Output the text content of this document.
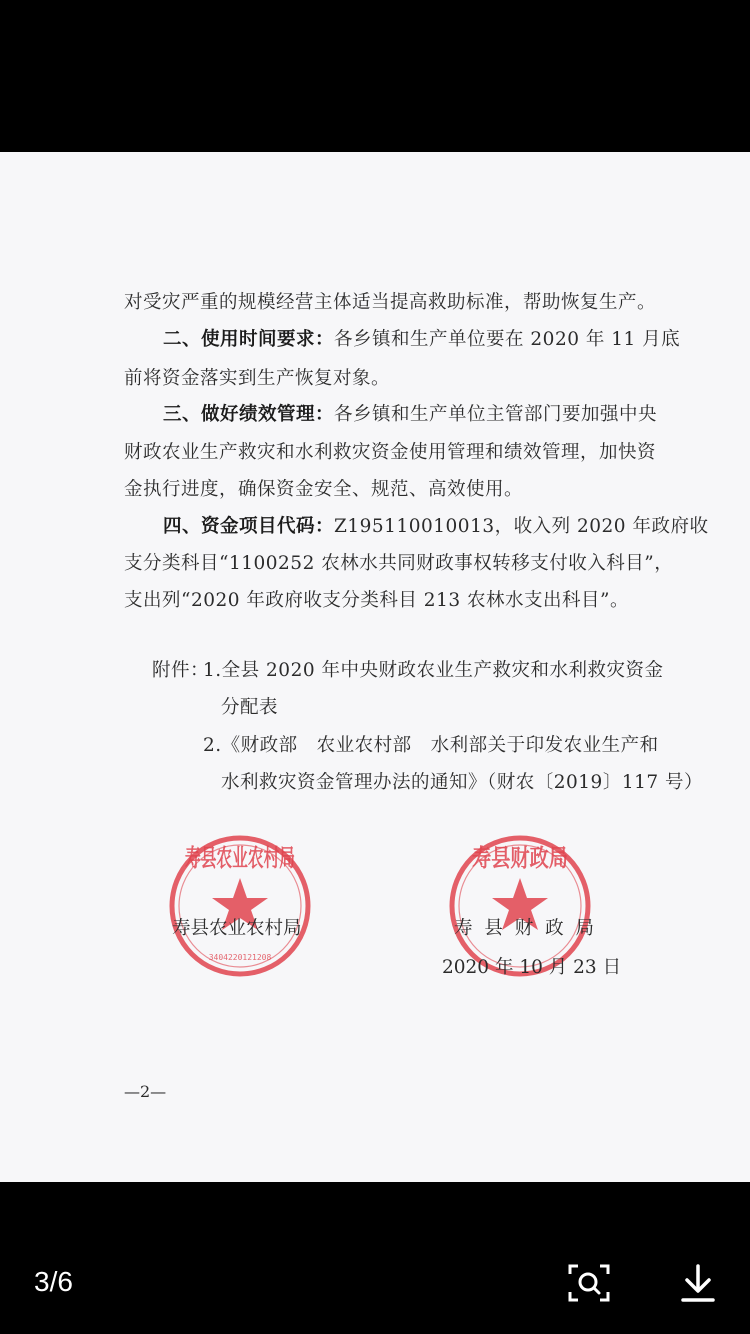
寿县农业农村局
3404220121208
寿县财政局

对受灾严重的规模经营主体适当提高救助标准，帮助恢复生产。

二、使用时间要求：各乡镇和生产单位要在 2020 年 11 月底

前将资金落实到生产恢复对象。

三、做好绩效管理：各乡镇和生产单位主管部门要加强中央

财政农业生产救灾和水利救灾资金使用管理和绩效管理，加快资

金执行进度，确保资金安全、规范、高效使用。

四、资金项目代码：Z195110010013，收入列 2020 年政府收

支分类科目“1100252 农林水共同财政事权转移支付收入科目”，

支出列“2020 年政府收支分类科目 213 农林水支出科目”。

附件：

1.全县 2020 年中央财政农业生产救灾和水利救灾资金

分配表

2.《财政部　农业农村部　水利部关于印发农业生产和

水利救灾资金管理办法的通知》（财农〔2019〕117 号）

寿县农业农村局	寿 县 财 政 局
2020 年 10 月 23 日
—2—
3/6
